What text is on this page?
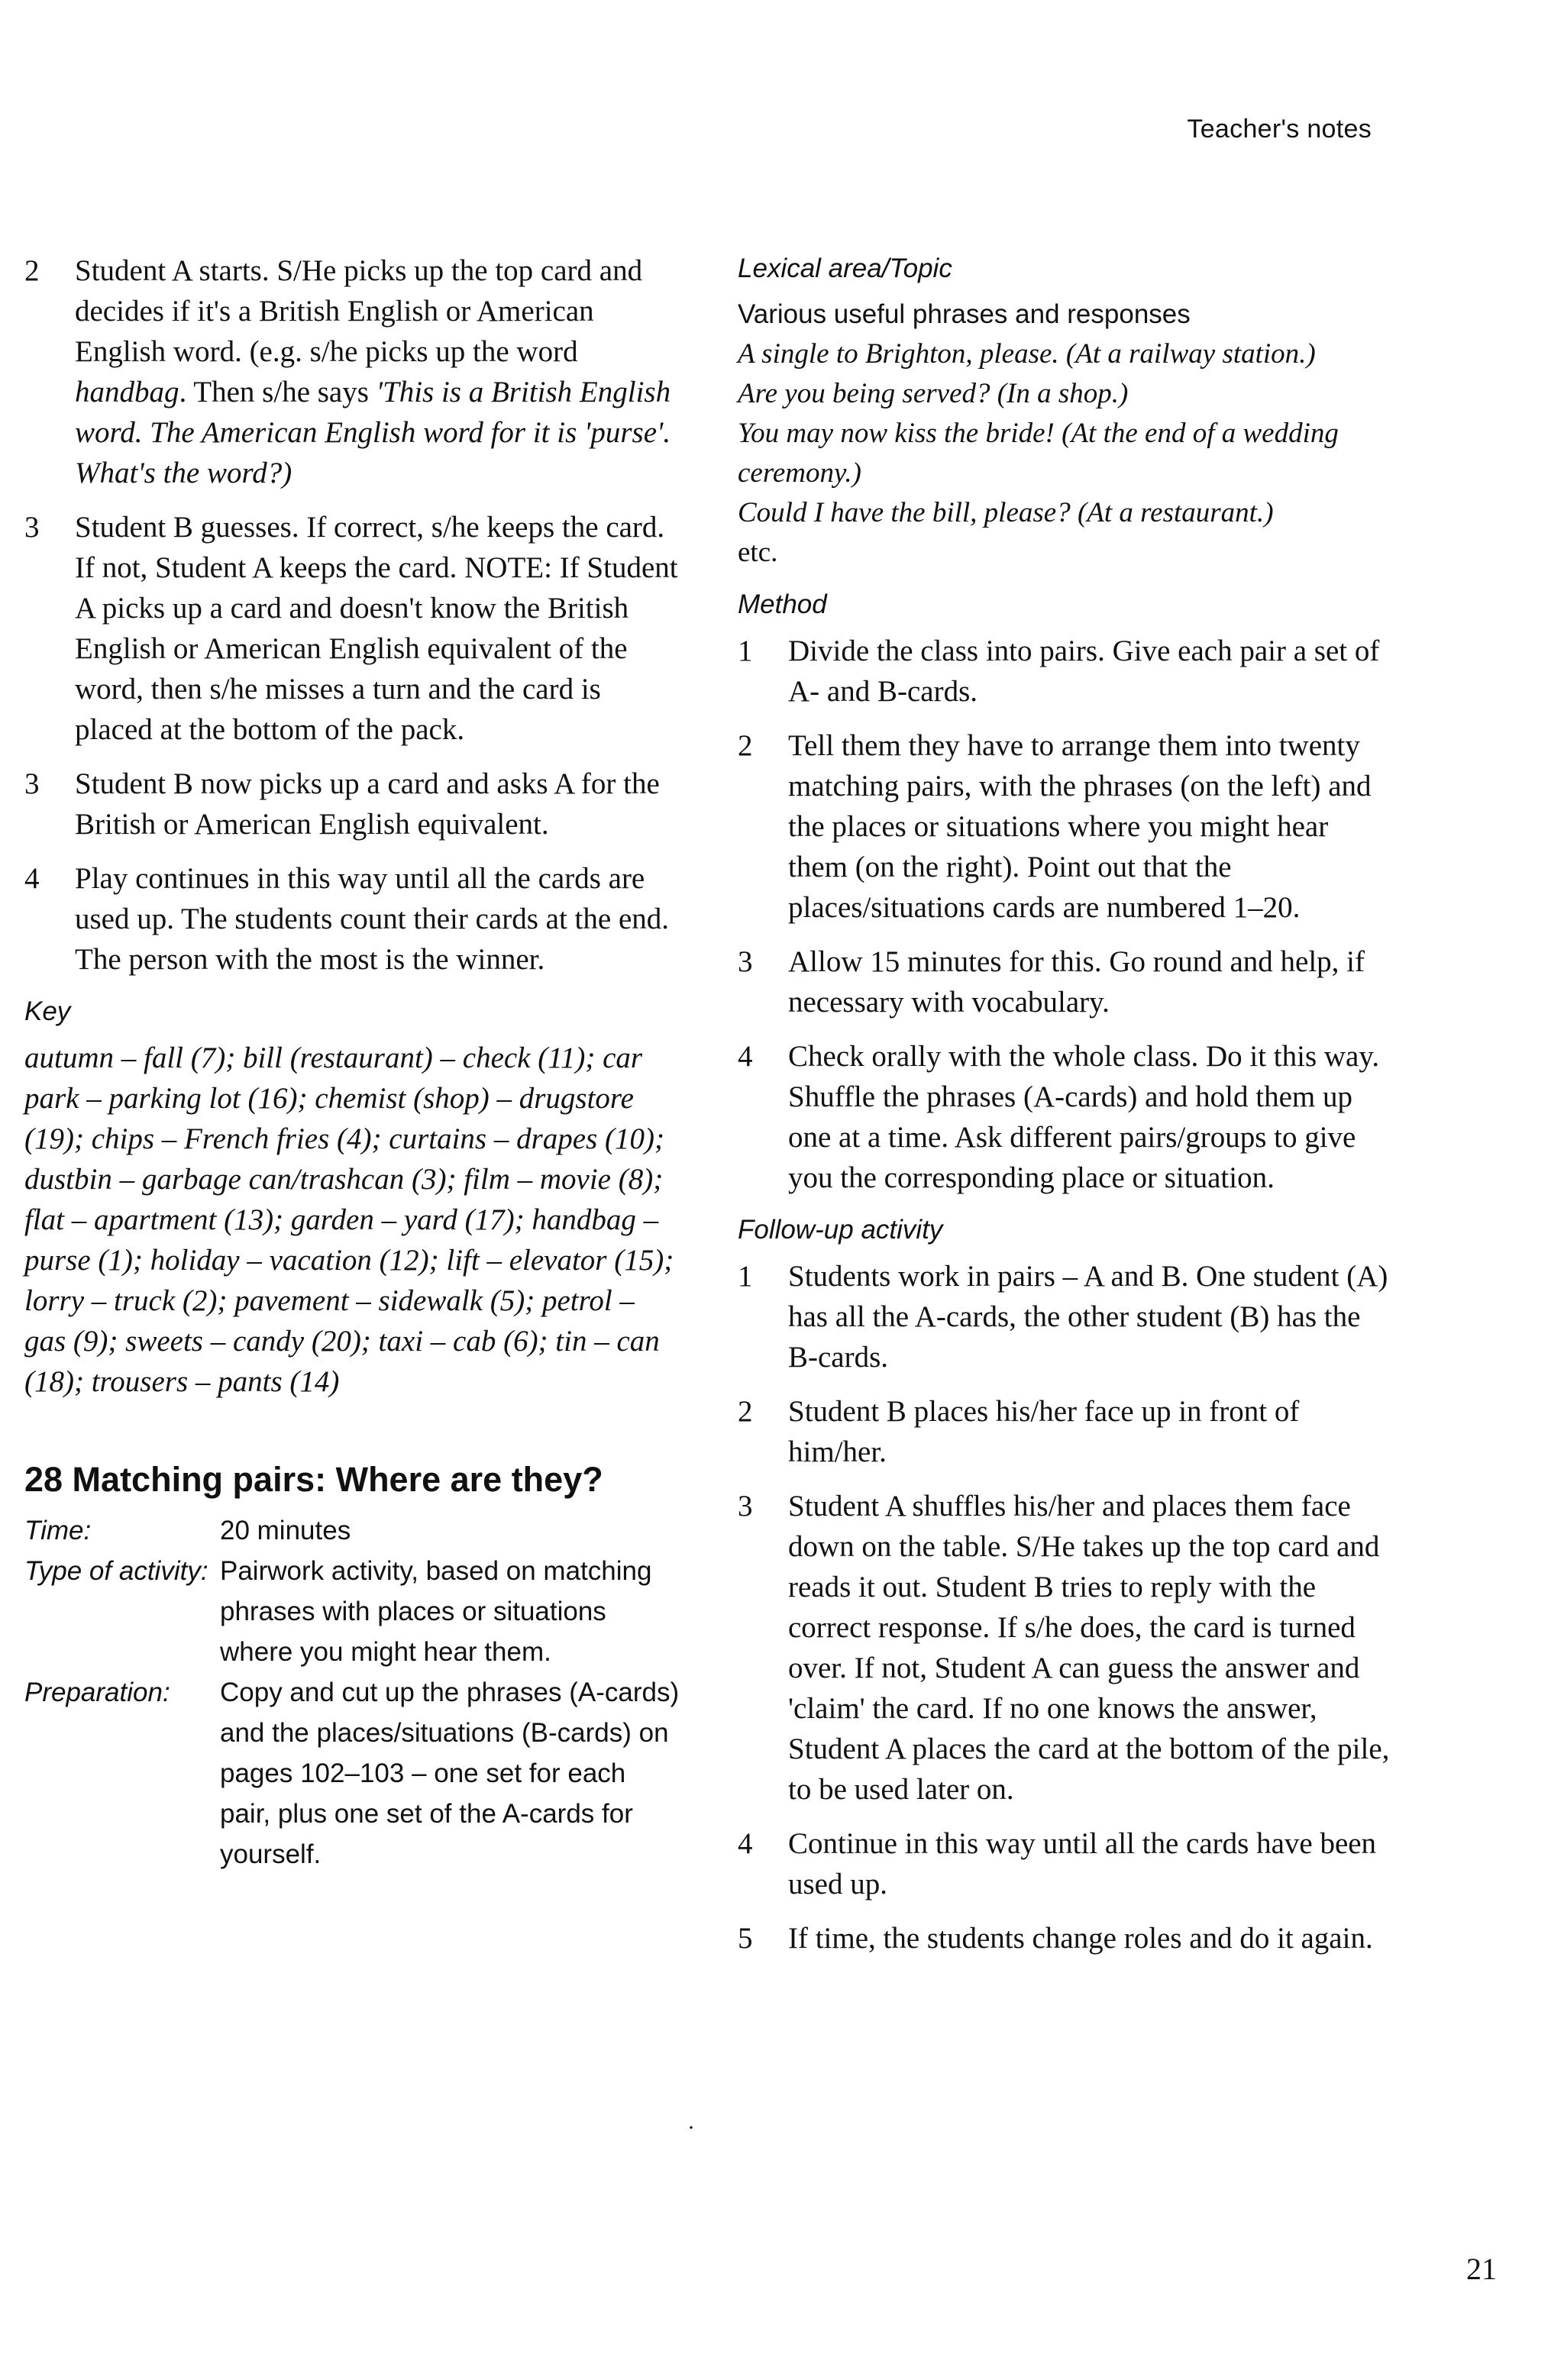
Teacher's notes
2 Student A starts. S/He picks up the top card and decides if it's a British English or American English word. (e.g. s/he picks up the word handbag. Then s/he says 'This is a British English word. The American English word for it is 'purse'. What's the word?)
3 Student B guesses. If correct, s/he keeps the card. If not, Student A keeps the card. NOTE: If Student A picks up a card and doesn't know the British English or American English equivalent of the word, then s/he misses a turn and the card is placed at the bottom of the pack.
3 Student B now picks up a card and asks A for the British or American English equivalent.
4 Play continues in this way until all the cards are used up. The students count their cards at the end. The person with the most is the winner.
Key

autumn – fall (7); bill (restaurant) – check (11); car park – parking lot (16); chemist (shop) – drugstore (19); chips – French fries (4); curtains – drapes (10); dustbin – garbage can/trashcan (3); film – movie (8); flat – apartment (13); garden – yard (17); handbag – purse (1); holiday – vacation (12); lift – elevator (15); lorry – truck (2); pavement – sidewalk (5); petrol – gas (9); sweets – candy (20); taxi – cab (6); tin – can (18); trousers – pants (14)

28 Matching pairs: Where are they?
Time:	20 minutes
Type of activity: Pairwork activity, based on matching phrases with places or situations where you might hear them.
Preparation:	Copy and cut up the phrases (A-cards) and the places/situations (B-cards) on pages 102–103 – one set for each pair, plus one set of the A-cards for yourself.
·
Lexical area/Topic

Various useful phrases and responses

A single to Brighton, please. (At a railway station.)

Are you being served? (In a shop.)

You may now kiss the bride! (At the end of a wedding ceremony.)

Could I have the bill, please? (At a restaurant.)

etc.

Method
1 Divide the class into pairs. Give each pair a set of A- and B-cards.
2 Tell them they have to arrange them into twenty matching pairs, with the phrases (on the left) and the places or situations where you might hear them (on the right). Point out that the places/situations cards are numbered 1–20.
3 Allow 15 minutes for this. Go round and help, if necessary with vocabulary.
4 Check orally with the whole class. Do it this way. Shuffle the phrases (A-cards) and hold them up one at a time. Ask different pairs/groups to give you the corresponding place or situation.
Follow-up activity
1 Students work in pairs – A and B. One student (A) has all the A-cards, the other student (B) has the B-cards.
2 Student B places his/her face up in front of him/her.
3 Student A shuffles his/her and places them face down on the table. S/He takes up the top card and reads it out. Student B tries to reply with the correct response. If s/he does, the card is turned over. If not, Student A can guess the answer and 'claim' the card. If no one knows the answer, Student A places the card at the bottom of the pile, to be used later on.
4 Continue in this way until all the cards have been used up.
5 If time, the students change roles and do it again.
21
